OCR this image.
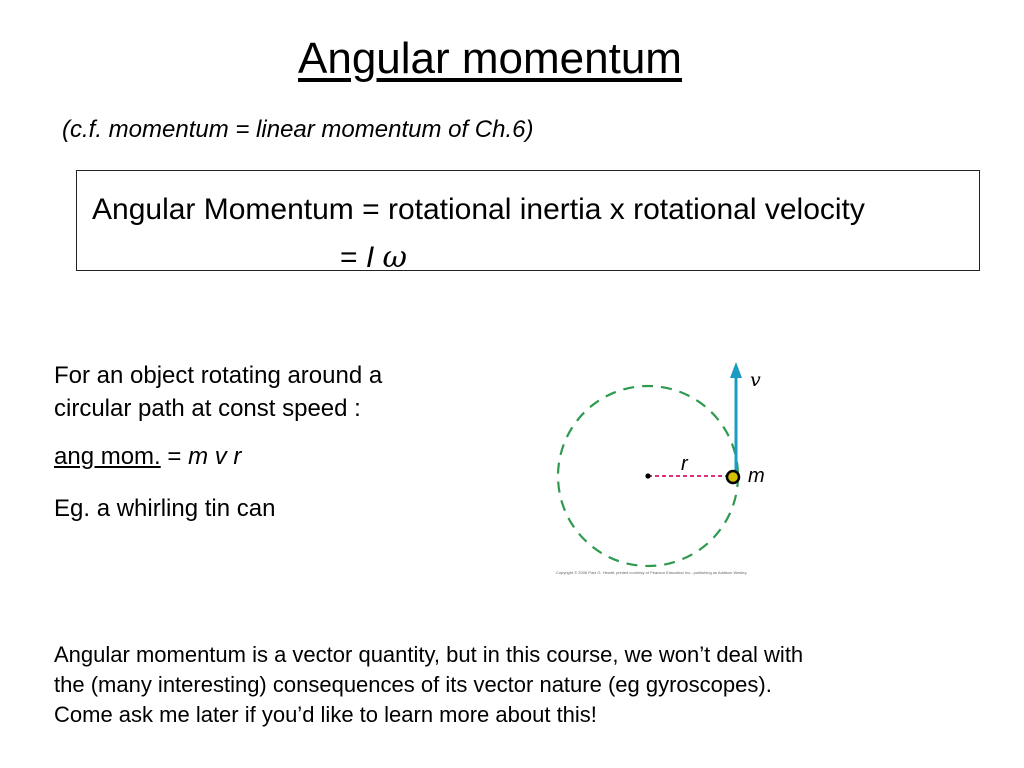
Angular momentum
(c.f. momentum = linear momentum of Ch.6)
Angular Momentum = rotational inertia x rotational velocity
= I ω
For an object rotating around a
circular path at const speed :
ang mom. = m v r
Eg. a whirling tin can
v
r
m
Copyright © 2006 Paul G. Hewitt, printed courtesy of Pearson Education Inc., publishing as Addison Wesley.
Angular momentum is a vector quantity, but in this course, we won’t deal with
the (many interesting) consequences of its vector nature (eg gyroscopes).
Come ask me later if you’d like to learn more about this!
